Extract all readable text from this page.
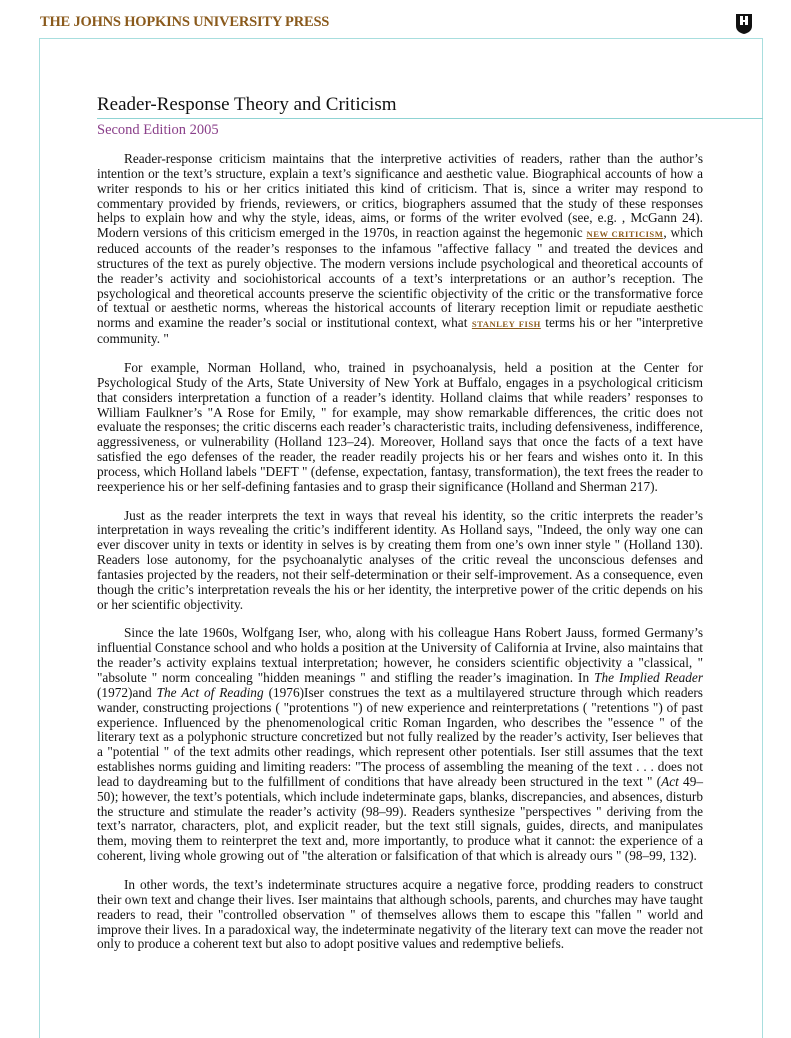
THE JOHNS HOPKINS UNIVERSITY PRESS
Reader-Response Theory and Criticism
Second Edition 2005

Reader-response criticism maintains that the interpretive activities of readers, rather than the author’s intention or the text’s structure, explain a text’s significance and aesthetic value. Biographical accounts of how a writer responds to his or her critics initiated this kind of criticism. That is, since a writer may respond to commentary provided by friends, reviewers, or critics, biographers assumed that the study of these responses helps to explain how and why the style, ideas, aims, or forms of the writer evolved (see, e.g. , McGann 24). Modern versions of this criticism emerged in the 1970s, in reaction against the hegemonic NEW CRITICISM, which reduced accounts of the reader’s responses to the infamous "affective fallacy " and treated the devices and structures of the text as purely objective. The modern versions include psychological and theoretical accounts of the reader’s activity and sociohistorical accounts of a text’s interpretations or an author’s reception. The psychological and theoretical accounts preserve the scientific objectivity of the critic or the transformative force of textual or aesthetic norms, whereas the historical accounts of literary reception limit or repudiate aesthetic norms and examine the reader’s social or institutional context, what STANLEY FISH terms his or her "interpretive community. "

For example, Norman Holland, who, trained in psychoanalysis, held a position at the Center for Psychological Study of the Arts, State University of New York at Buffalo, engages in a psychological criticism that considers interpretation a function of a reader’s identity. Holland claims that while readers’ responses to William Faulkner’s "A Rose for Emily, " for example, may show remarkable differences, the critic does not evaluate the responses; the critic discerns each reader’s characteristic traits, including defensiveness, indifference, aggressiveness, or vulnerability (Holland 123–24). Moreover, Holland says that once the facts of a text have satisfied the ego defenses of the reader, the reader readily projects his or her fears and wishes onto it. In this process, which Holland labels "DEFT " (defense, expectation, fantasy, transformation), the text frees the reader to reexperience his or her self-defining fantasies and to grasp their significance (Holland and Sherman 217).

Just as the reader interprets the text in ways that reveal his identity, so the critic interprets the reader’s interpretation in ways revealing the critic’s indifferent identity. As Holland says, "Indeed, the only way one can ever discover unity in texts or identity in selves is by creating them from one’s own inner style " (Holland 130). Readers lose autonomy, for the psychoanalytic analyses of the critic reveal the unconscious defenses and fantasies projected by the readers, not their self-determination or their self-improvement. As a consequence, even though the critic’s interpretation reveals the his or her identity, the interpretive power of the critic depends on his or her scientific objectivity.

Since the late 1960s, Wolfgang Iser, who, along with his colleague Hans Robert Jauss, formed Germany’s influential Constance school and who holds a position at the University of California at Irvine, also maintains that the reader’s activity explains textual interpretation; however, he considers scientific objectivity a "classical, " "absolute " norm concealing "hidden meanings " and stifling the reader’s imagination. In The Implied Reader (1972)and The Act of Reading (1976)Iser construes the text as a multilayered structure through which readers wander, constructing projections ( "protentions ") of new experience and reinterpretations ( "retentions ") of past experience. Influenced by the phenomenological critic Roman Ingarden, who describes the "essence " of the literary text as a polyphonic structure concretized but not fully realized by the reader’s activity, Iser believes that a "potential " of the text admits other readings, which represent other potentials. Iser still assumes that the text establishes norms guiding and limiting readers: "The process of assembling the meaning of the text . . . does not lead to daydreaming but to the fulfillment of conditions that have already been structured in the text " (Act 49–50); however, the text’s potentials, which include indeterminate gaps, blanks, discrepancies, and absences, disturb the structure and stimulate the reader’s activity (98–99). Readers synthesize "perspectives " deriving from the text’s narrator, characters, plot, and explicit reader, but the text still signals, guides, directs, and manipulates them, moving them to reinterpret the text and, more importantly, to produce what it cannot: the experience of a coherent, living whole growing out of "the alteration or falsification of that which is already ours " (98–99, 132).

In other words, the text’s indeterminate structures acquire a negative force, prodding readers to construct their own text and change their lives. Iser maintains that although schools, parents, and churches may have taught readers to read, their "controlled observation " of themselves allows them to escape this "fallen " world and improve their lives. In a paradoxical way, the indeterminate negativity of the literary text can move the reader not only to produce a coherent text but also to adopt positive values and redemptive beliefs.
